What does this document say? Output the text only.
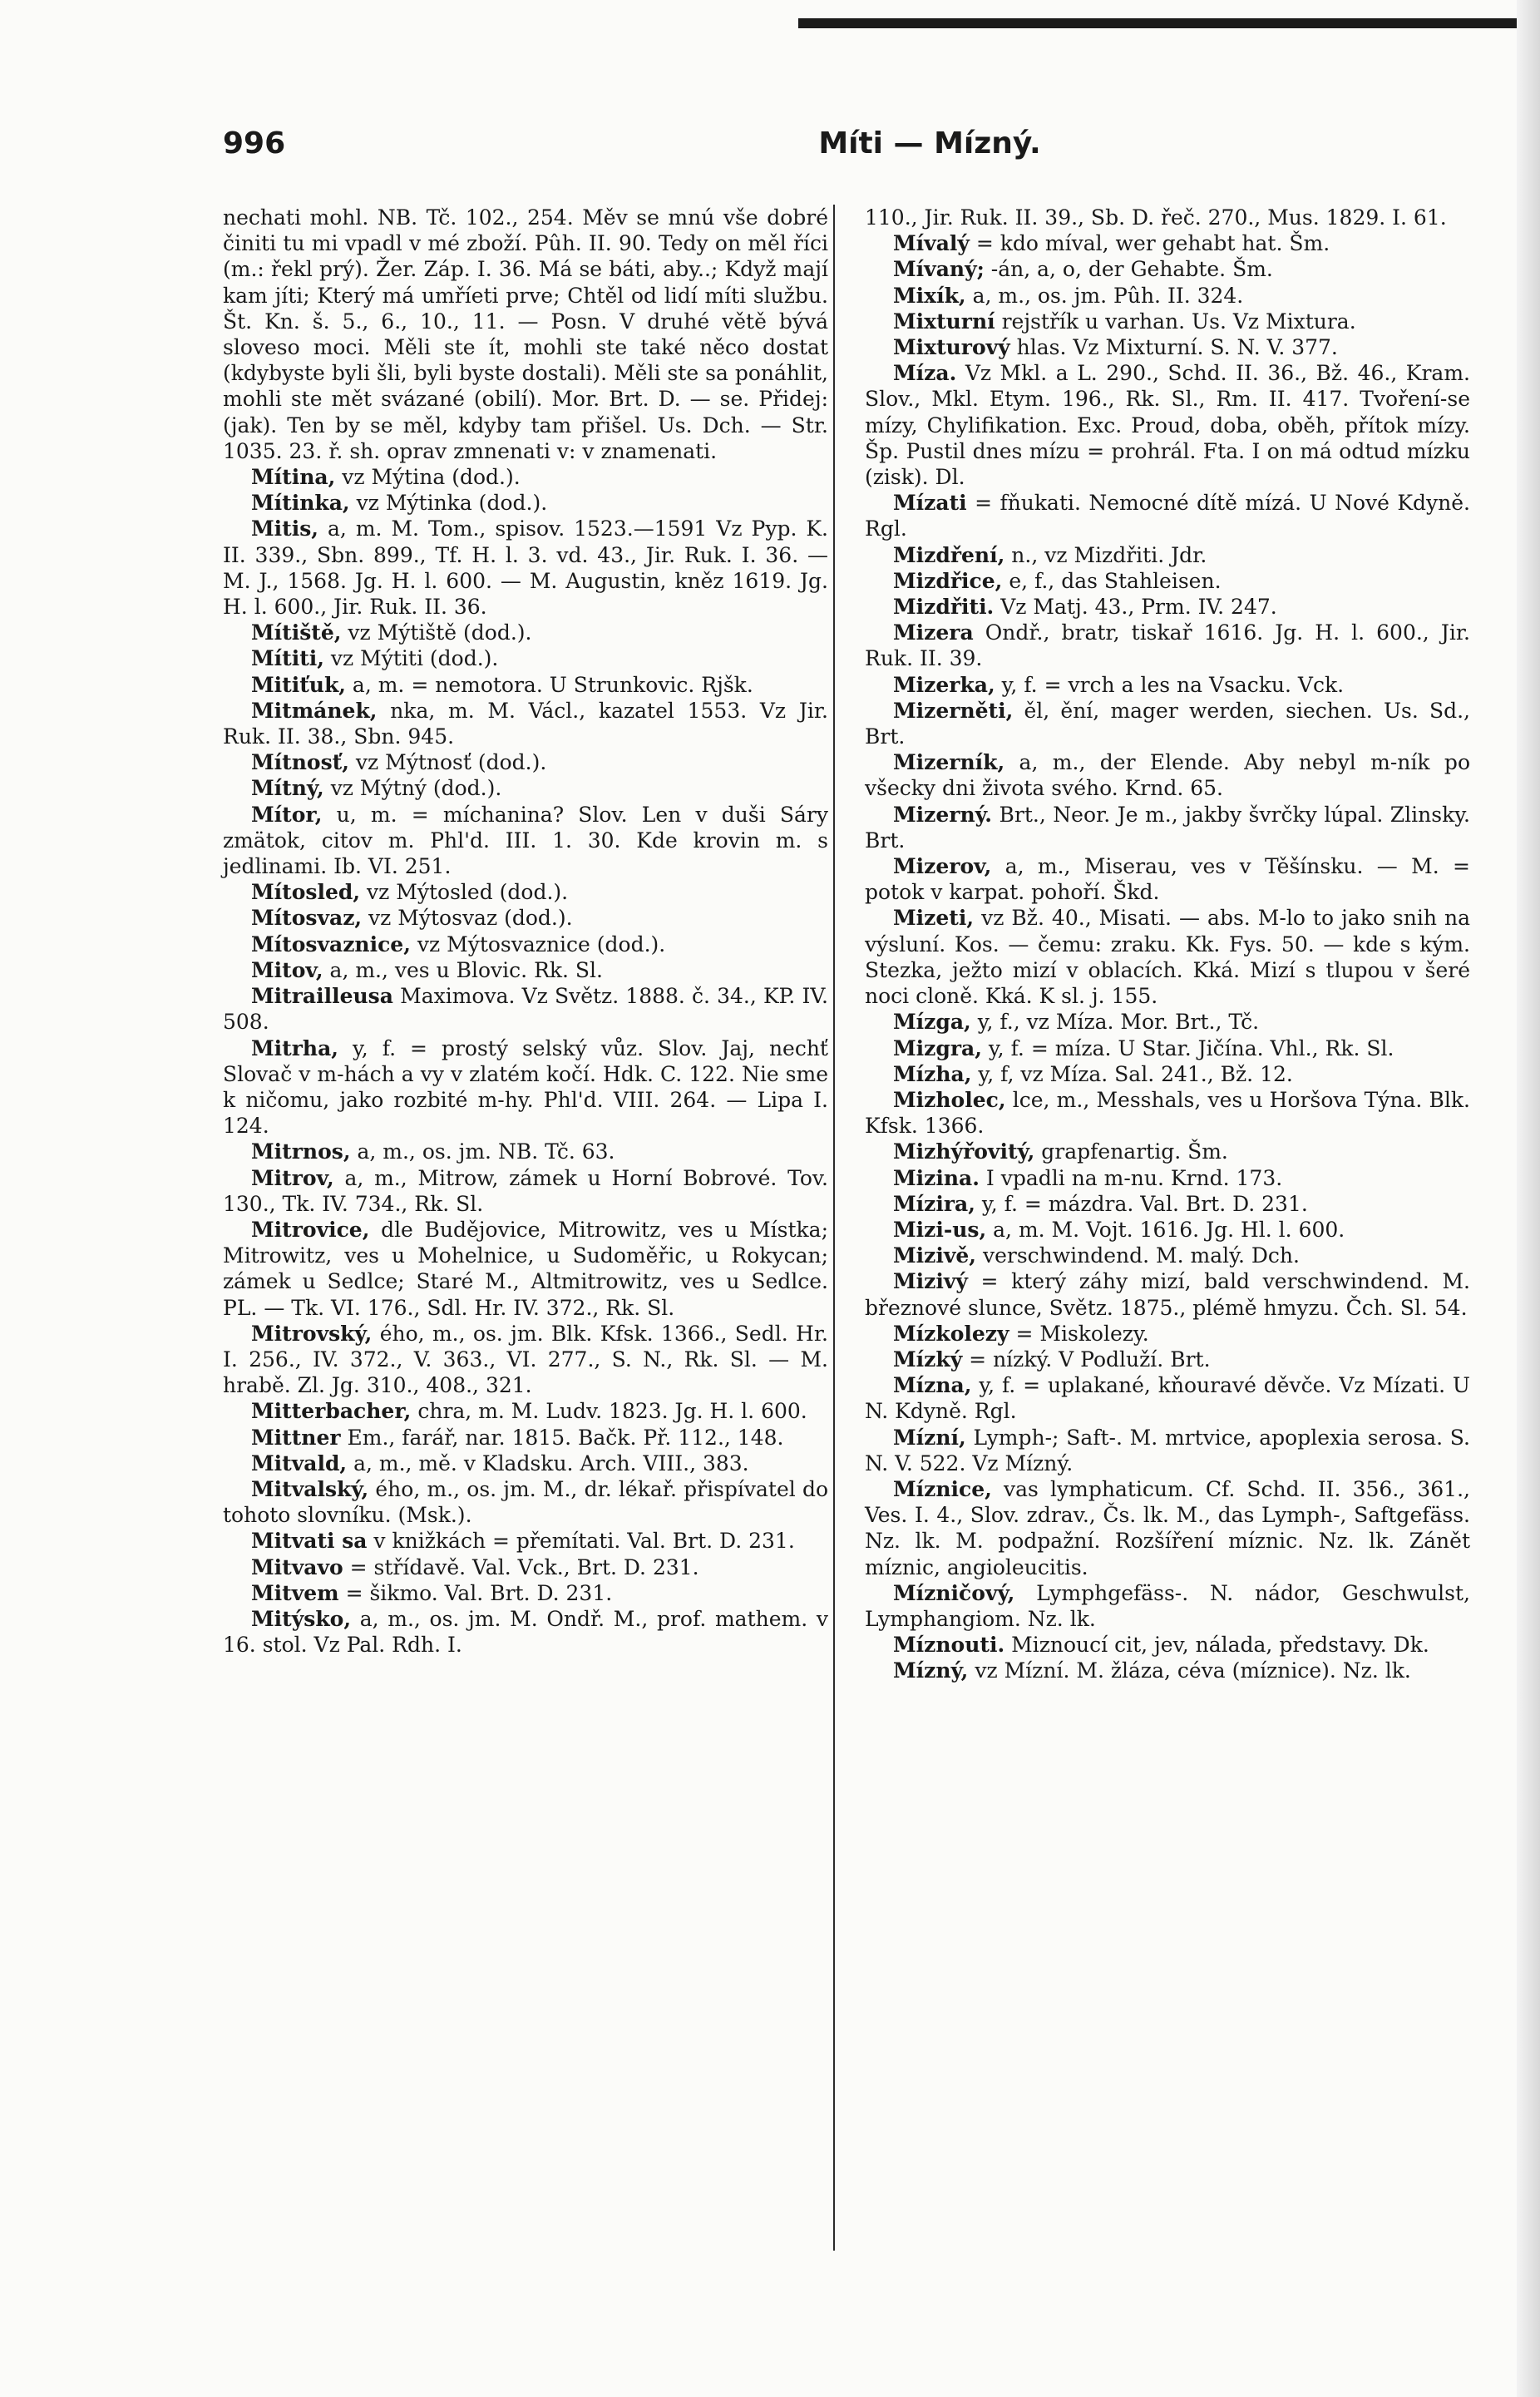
996	Míti — Mízný.

nechati mohl. NB. Tč. 102., 254. Měv se mnú vše dobré činiti tu mi vpadl v mé zboží. Pûh. II. 90. Tedy on měl říci (m.: řekl prý). Žer. Záp. I. 36. Má se báti, aby..; Když mají kam jíti; Který má umříeti prve; Chtěl od lidí míti službu. Št. Kn. š. 5., 6., 10., 11. — Posn. V druhé větě bývá sloveso moci. Měli ste ít, mohli ste také něco dostat (kdybyste byli šli, byli byste dostali). Měli ste sa ponáhlit, mohli ste mět svázané (obilí). Mor. Brt. D. — se. Přidej: (jak). Ten by se měl, kdyby tam přišel. Us. Dch. — Str. 1035. 23. ř. sh. oprav zmnenati v: v znamenati.

Mítina, vz Mýtina (dod.).

Mítinka, vz Mýtinka (dod.).

Mitis, a, m. M. Tom., spisov. 1523.—1591 Vz Pyp. K. II. 339., Sbn. 899., Tf. H. l. 3. vd. 43., Jir. Ruk. I. 36. — M. J., 1568. Jg. H. l. 600. — M. Augustin, kněz 1619. Jg. H. l. 600., Jir. Ruk. II. 36.

Mítiště, vz Mýtiště (dod.).

Mítiti, vz Mýtiti (dod.).

Mitiťuk, a, m. = nemotora. U Strunkovic. Rjšk.

Mitmánek, nka, m. M. Václ., kazatel 1553. Vz Jir. Ruk. II. 38., Sbn. 945.

Mítnosť, vz Mýtnosť (dod.).

Mítný, vz Mýtný (dod.).

Mítor, u, m. = míchanina? Slov. Len v duši Sáry zmätok, citov m. Phl'd. III. 1. 30. Kde krovin m. s jedlinami. Ib. VI. 251.

Mítosled, vz Mýtosled (dod.).

Mítosvaz, vz Mýtosvaz (dod.).

Mítosvaznice, vz Mýtosvaznice (dod.).

Mitov, a, m., ves u Blovic. Rk. Sl.

Mitrailleusa Maximova. Vz Světz. 1888. č. 34., KP. IV. 508.

Mitrha, y, f. = prostý selský vůz. Slov. Jaj, nechť Slovač v m-hách a vy v zlatém kočí. Hdk. C. 122. Nie sme k ničomu, jako rozbité m-hy. Phl'd. VIII. 264. — Lipa I. 124.

Mitrnos, a, m., os. jm. NB. Tč. 63.

Mitrov, a, m., Mitrow, zámek u Horní Bobrové. Tov. 130., Tk. IV. 734., Rk. Sl.

Mitrovice, dle Budějovice, Mitrowitz, ves u Místka; Mitrowitz, ves u Mohelnice, u Sudoměřic, u Rokycan; zámek u Sedlce; Staré M., Altmitrowitz, ves u Sedlce. PL. — Tk. VI. 176., Sdl. Hr. IV. 372., Rk. Sl.

Mitrovský, ého, m., os. jm. Blk. Kfsk. 1366., Sedl. Hr. I. 256., IV. 372., V. 363., VI. 277., S. N., Rk. Sl. — M. hrabě. Zl. Jg. 310., 408., 321.

Mitterbacher, chra, m. M. Ludv. 1823. Jg. H. l. 600.

Mittner Em., farář, nar. 1815. Bačk. Př. 112., 148.

Mitvald, a, m., mě. v Kladsku. Arch. VIII., 383.

Mitvalský, ého, m., os. jm. M., dr. lékař. přispívatel do tohoto slovníku. (Msk.).

Mitvati sa v knižkách = přemítati. Val. Brt. D. 231.

Mitvavo = střídavě. Val. Vck., Brt. D. 231.

Mitvem = šikmo. Val. Brt. D. 231.

Mitýsko, a, m., os. jm. M. Ondř. M., prof. mathem. v 16. stol. Vz Pal. Rdh. I.

110., Jir. Ruk. II. 39., Sb. D. řeč. 270., Mus. 1829. I. 61.

Mívalý = kdo míval, wer gehabt hat. Šm.

Mívaný; -án, a, o, der Gehabte. Šm.

Mixík, a, m., os. jm. Pûh. II. 324.

Mixturní rejstřík u varhan. Us. Vz Mixtura.

Mixturový hlas. Vz Mixturní. S. N. V. 377.

Míza. Vz Mkl. a L. 290., Schd. II. 36., Bž. 46., Kram. Slov., Mkl. Etym. 196., Rk. Sl., Rm. II. 417. Tvoření-se mízy, Chylifikation. Exc. Proud, doba, oběh, přítok mízy. Šp. Pustil dnes mízu = prohrál. Fta. I on má odtud mízku (zisk). Dl.

Mízati = fňukati. Nemocné dítě mízá. U Nové Kdyně. Rgl.

Mizdření, n., vz Mizdřiti. Jdr.

Mizdřice, e, f., das Stahleisen.

Mizdřiti. Vz Matj. 43., Prm. IV. 247.

Mizera Ondř., bratr, tiskař 1616. Jg. H. l. 600., Jir. Ruk. II. 39.

Mizerka, y, f. = vrch a les na Vsacku. Vck.

Mizerněti, ěl, ění, mager werden, siechen. Us. Sd., Brt.

Mizerník, a, m., der Elende. Aby nebyl m-ník po všecky dni života svého. Krnd. 65.

Mizerný. Brt., Neor. Je m., jakby švrčky lúpal. Zlinsky. Brt.

Mizerov, a, m., Miserau, ves v Těšínsku. — M. = potok v karpat. pohoří. Škd.

Mizeti, vz Bž. 40., Misati. — abs. M-lo to jako snih na výsluní. Kos. — čemu: zraku. Kk. Fys. 50. — kde s kým. Stezka, ježto mizí v oblacích. Kká. Mizí s tlupou v šeré noci cloně. Kká. K sl. j. 155.

Mízga, y, f., vz Míza. Mor. Brt., Tč.

Mizgra, y, f. = míza. U Star. Jičína. Vhl., Rk. Sl.

Mízha, y, f, vz Míza. Sal. 241., Bž. 12.

Mizholec, lce, m., Messhals, ves u Horšova Týna. Blk. Kfsk. 1366.

Mizhýřovitý, grapfenartig. Šm.

Mizina. I vpadli na m-nu. Krnd. 173.

Mízira, y, f. = mázdra. Val. Brt. D. 231.

Mizi-us, a, m. M. Vojt. 1616. Jg. Hl. l. 600.

Mizivě, verschwindend. M. malý. Dch.

Mizivý = který záhy mizí, bald verschwindend. M. březnové slunce, Světz. 1875., plémě hmyzu. Čch. Sl. 54.

Mízkolezy = Miskolezy.

Mízký = nízký. V Podluží. Brt.

Mízna, y, f. = uplakané, kňouravé děvče. Vz Mízati. U N. Kdyně. Rgl.

Mízní, Lymph-; Saft-. M. mrtvice, apoplexia serosa. S. N. V. 522. Vz Mízný.

Míznice, vas lymphaticum. Cf. Schd. II. 356., 361., Ves. I. 4., Slov. zdrav., Čs. lk. M., das Lymph-, Saftgefäss. Nz. lk. M. podpažní. Rozšíření míznic. Nz. lk. Zánět míznic, angioleucitis.

Mízničový, Lymphgefäss-. N. nádor, Geschwulst, Lymphangiom. Nz. lk.

Míznouti. Miznoucí cit, jev, nálada, představy. Dk.

Mízný, vz Mízní. M. žláza, céva (míznice). Nz. lk.
